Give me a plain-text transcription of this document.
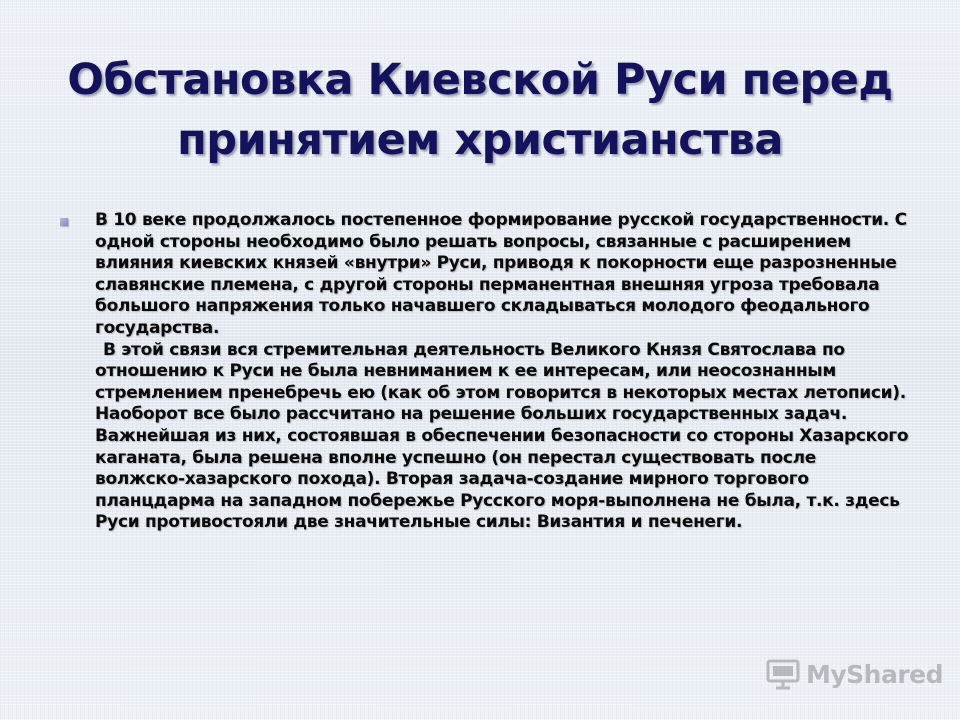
Обстановка Киевской Руси перед
принятием христианства

В 10 веке продолжалось постепенное формирование русской государственности. С одной стороны необходимо было решать вопросы, связанные с расширением влияния киевских князей «внутри» Руси, приводя к покорности еще разрозненные славянские племена, с другой стороны перманентная внешняя угроза требовала большого напряжения только начавшего складываться молодого феодального государства.

В этой связи вся стремительная деятельность Великого Князя Святослава по отношению к Руси не была невниманием к ее интересам, или неосознанным стремлением пренебречь ею (как об этом говорится в некоторых местах летописи). Наоборот все было рассчитано на решение больших государственных задач. Важнейшая из них, состоявшая в обеспечении безопасности со стороны Хазарского каганата, была решена вполне успешно (он перестал существовать после волжско-хазарского похода). Вторая задача-создание мирного торгового планцдарма на западном побережье Русского моря-выполнена не была, т.к. здесь Руси противостояли две значительные силы: Византия и печенеги.

MyShared
